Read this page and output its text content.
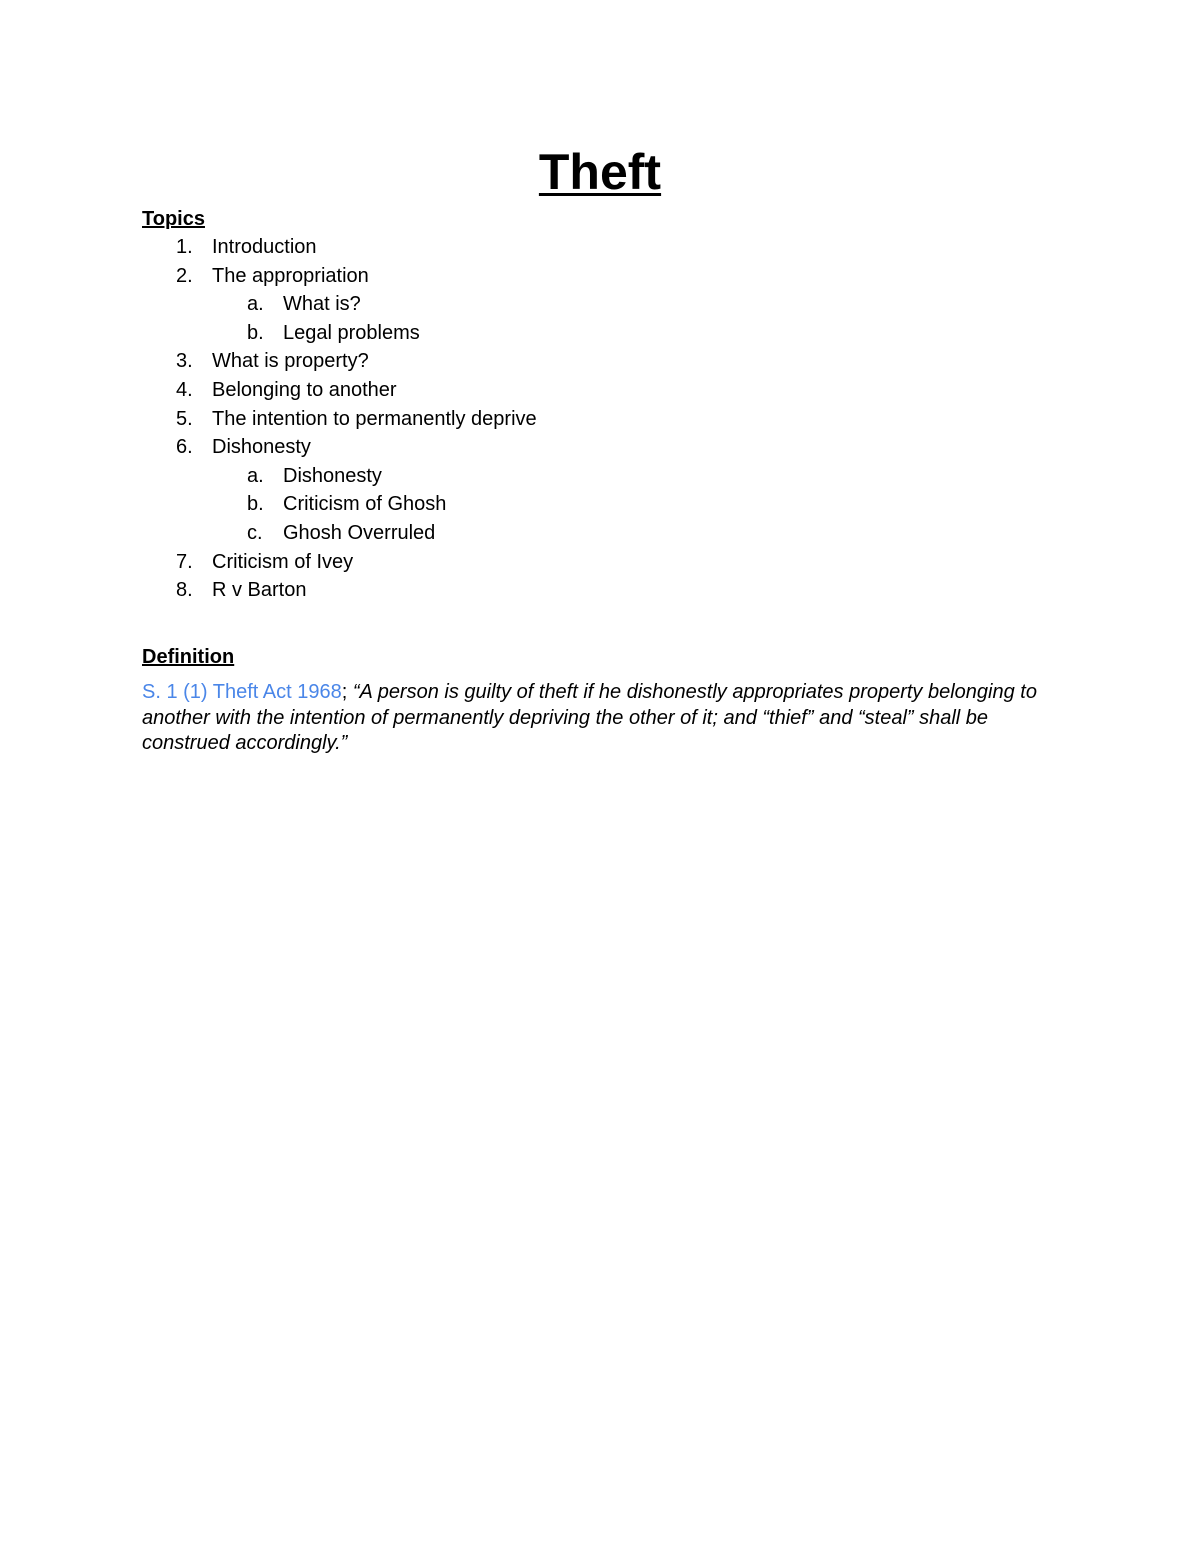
Theft
Topics
1. Introduction
2. The appropriation
a. What is?
b. Legal problems
3. What is property?
4. Belonging to another
5. The intention to permanently deprive
6. Dishonesty
a. Dishonesty
b. Criticism of Ghosh
c.	Ghosh Overruled
7. Criticism of Ivey
8. R v Barton
Definition
S. 1 (1) Theft Act 1968; “A person is guilty of theft if he dishonestly appropriates property belonging to another with the intention of permanently depriving the other of it; and “thief” and “steal” shall be construed accordingly.”
